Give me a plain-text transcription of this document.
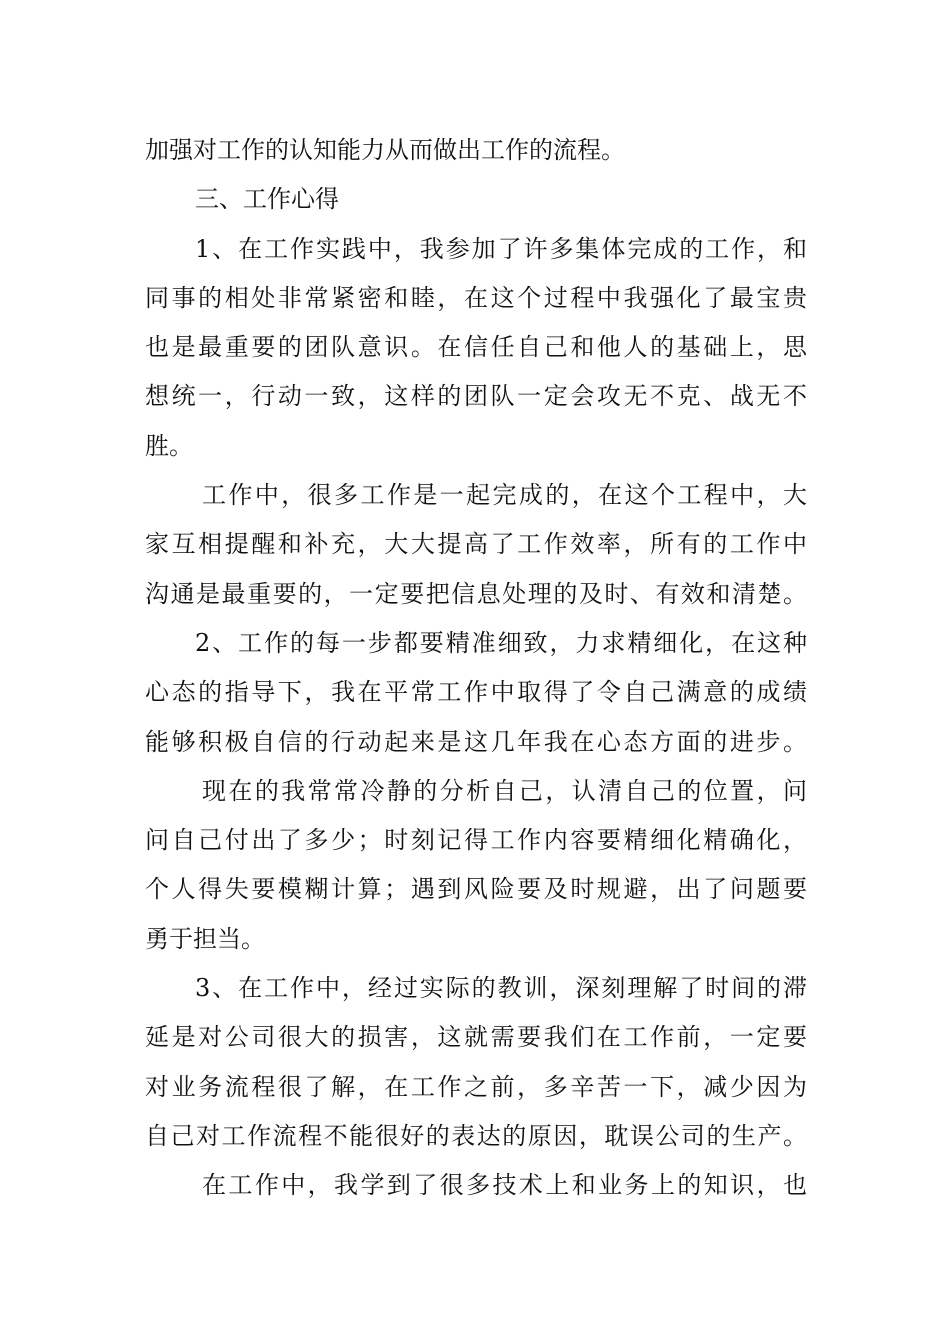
加强对工作的认知能力从而做出工作的流程。
三、工作心得
1、在工作实践中，我参加了许多集体完成的工作，和
同事的相处非常紧密和睦，在这个过程中我强化了最宝贵
也是最重要的团队意识。在信任自己和他人的基础上，思
想统一，行动一致，这样的团队一定会攻无不克、战无不
胜。
工作中，很多工作是一起完成的，在这个工程中，大
家互相提醒和补充，大大提高了工作效率，所有的工作中
沟通是最重要的，一定要把信息处理的及时、有效和清楚。
2、工作的每一步都要精准细致，力求精细化，在这种
心态的指导下，我在平常工作中取得了令自己满意的成绩
能够积极自信的行动起来是这几年我在心态方面的进步。
现在的我常常冷静的分析自己，认清自己的位置，问
问自己付出了多少；时刻记得工作内容要精细化精确化，
个人得失要模糊计算；遇到风险要及时规避，出了问题要
勇于担当。
3、在工作中，经过实际的教训，深刻理解了时间的滞
延是对公司很大的损害，这就需要我们在工作前，一定要
对业务流程很了解，在工作之前，多辛苦一下，减少因为
自己对工作流程不能很好的表达的原因，耽误公司的生产。
在工作中，我学到了很多技术上和业务上的知识，也
